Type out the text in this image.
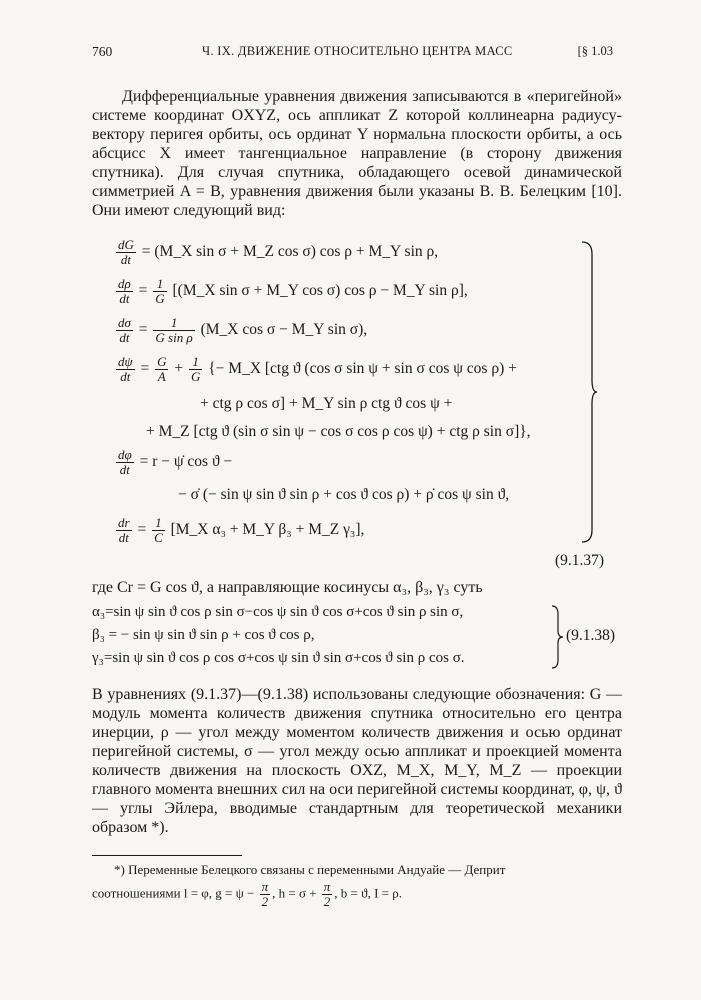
760	Ч. IX. ДВИЖЕНИЕ ОТНОСИТЕЛЬНО ЦЕНТРА МАСС	[§ 1.03

Дифференциальные уравнения движения записываются в «перигейной» системе координат OXYZ, ось аппликат Z которой коллинеарна радиусу-вектору перигея орбиты, ось ординат Y нормальна плоскости орбиты, а ось абсцисс X имеет тангенциальное направление (в сторону движения спутника). Для случая спутника, обладающего осевой динамической симметрией A = B, уравнения движения были указаны В. В. Белецким [10]. Они имеют следующий вид:

$\frac{dG}{dt}$ = (M_X sin σ + M_Z cos σ) cos ρ + M_Y sin ρ,
$\frac{d\rho}{dt} = \frac{1}{G}$ [(M_X sin σ + M_Y cos σ) cos ρ − M_Y sin ρ],
$\frac{d\sigma}{dt} = \frac{1}{\text{G sin ρ}}$ (M_X cos σ − M_Y sin σ),
$\frac{d\psi}{dt} = \frac{G}{A} + \frac{1}{G}$ {− M_X [ctg ϑ (cos σ sin ψ + sin σ cos ψ cos ρ) +
+ ctg ρ cos σ] + M_Y sin ρ ctg ϑ cos ψ +
+ M_Z [ctg ϑ (sin σ sin ψ − cos σ cos ρ cos ψ) + ctg ρ sin σ]},
$\frac{d\varphi}{dt} = r$ − ψ̇ cos ϑ −
− σ̇ (− sin ψ sin ϑ sin ρ + cos ϑ cos ρ) + ρ̇ cos ψ sin ϑ,
$\frac{dr}{dt} = \frac{1}{C}$ [M_X α₃ + M_Y β₃ + M_Z γ₃],
(9.1.37)
где Cr = G cos ϑ, а направляющие косинусы α₃, β₃, γ₃ суть
α₃=sin ψ sin ϑ cos ρ sin σ−cos ψ sin ϑ cos σ+cos ϑ sin ρ sin σ,
β₃ = − sin ψ sin ϑ sin ρ + cos ϑ cos ρ,
γ₃=sin ψ sin ϑ cos ρ cos σ+cos ψ sin ϑ sin σ+cos ϑ sin ρ cos σ.
(9.1.38)

В уравнениях (9.1.37)—(9.1.38) использованы следующие обозначения: G — модуль момента количеств движения спутника относительно его центра инерции, ρ — угол между моментом количеств движения и осью ординат перигейной системы, σ — угол между осью аппликат и проекцией момента количеств движения на плоскость OXZ, M_X, M_Y, M_Z — проекции главного момента внешних сил на оси перигейной системы координат, φ, ψ, ϑ — углы Эйлера, вводимые стандартным для теоретической механики образом *).

*) Переменные Белецкого связаны с переменными Андуайе — Деприт
соотношениями l = φ, $g = \psi - \frac{\pi}{2}$ , $h = \sigma + \frac{\pi}{2}$ , b = ϑ, I = ρ.
